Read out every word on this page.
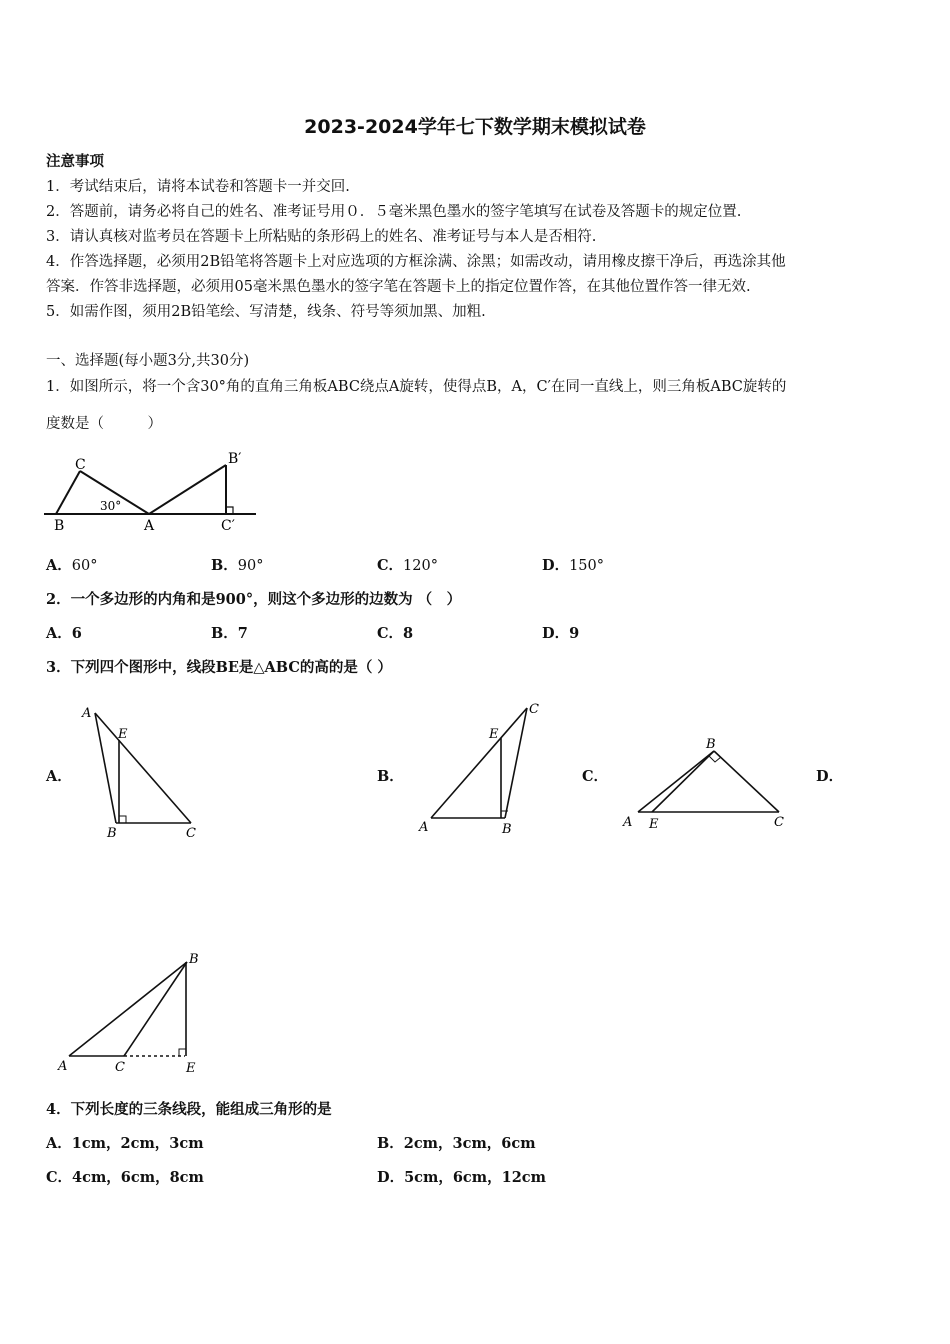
2023-2024学年七下数学期末模拟试卷
注意事项
1．考试结束后，请将本试卷和答题卡一并交回.
2．答题前，请务必将自己的姓名、准考证号用０．５毫米黑色墨水的签字笔填写在试卷及答题卡的规定位置.
3．请认真核对监考员在答题卡上所粘贴的条形码上的姓名、准考证号与本人是否相符.
4．作答选择题，必须用2B铅笔将答题卡上对应选项的方框涂满、涂黑；如需改动，请用橡皮擦干净后，再选涂其他
答案．作答非选择题，必须用05毫米黑色墨水的签字笔在答题卡上的指定位置作答，在其他位置作答一律无效.
5．如需作图，须用2B铅笔绘、写清楚，线条、符号等须加黑、加粗.
一、选择题(每小题3分,共30分)
1．如图所示，将一个含30°角的直角三角板ABC绕点A旋转，使得点B，A，C′在同一直线上，则三角板ABC旋转的
度数是（　　　）
C
B	A
B′
C′
30°
A．60°	B．90°	C．120°	D．150°
2．一个多边形的内角和是900°，则这个多边形的边数为 （　）
A．6	B．7	C．8	D．9
3．下列四个图形中，线段BE是△ABC的高的是（ ）
A．
A
E
B	C
B．
A
E
B
C
C．
B
A E	C
D．
B
A	C	E
4．下列长度的三条线段，能组成三角形的是
A．1cm，2cm，3cm	B．2cm，3cm，6cm
C．4cm，6cm，8cm	D．5cm，6cm，12cm
